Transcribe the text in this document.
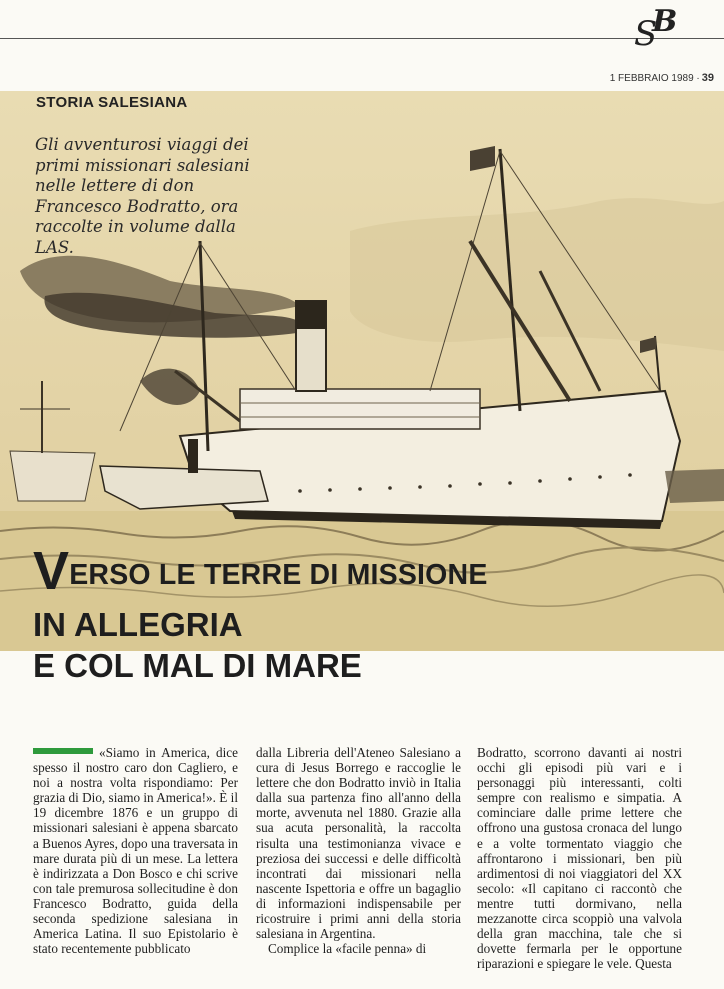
S
B
1 FEBBRAIO 1989 · 39
STORIA SALESIANA
Gli avventurosi viaggi dei primi missionari salesiani nelle lettere di don Francesco Bodratto, ora raccolte in volume dalla LAS.
VERSO LE TERRE DI MISSIONE
IN ALLEGRIA
E COL MAL DI MARE

«Siamo in America, dice spesso il nostro caro don Cagliero, e noi a nostra volta rispondiamo: Per grazia di Dio, siamo in America!». È il 19 dicembre 1876 e un gruppo di missionari salesiani è appena sbarcato a Buenos Ayres, dopo una traversata in mare durata più di un mese. La lettera è indirizzata a Don Bosco e chi scrive con tale premurosa sollecitudine è don Francesco Bodratto, guida della seconda spedizione salesiana in America Latina. Il suo Epistolario è stato recentemente pubblicato

dalla Libreria dell'Ateneo Salesiano a cura di Jesus Borrego e raccoglie le lettere che don Bodratto inviò in Italia dalla sua partenza fino all'anno della morte, avvenuta nel 1880. Grazie alla sua acuta personalità, la raccolta risulta una testimonianza vivace e preziosa dei successi e delle difficoltà incontrati dai missionari nella nascente Ispettoria e offre un bagaglio di informazioni indispensabile per ricostruire i primi anni della storia salesiana in Argentina.

Complice la «facile penna» di

Bodratto, scorrono davanti ai nostri occhi gli episodi più vari e i personaggi più interessanti, colti sempre con realismo e simpatia. A cominciare dalle prime lettere che offrono una gustosa cronaca del lungo e a volte tormentato viaggio che affrontarono i missionari, ben più ardimentosi di noi viaggiatori del XX secolo: «Il capitano ci raccontò che mentre tutti dormivano, nella mezzanotte circa scoppiò una valvola della gran macchina, tale che si dovette fermarla per le opportune riparazioni e spiegare le vele. Questa
